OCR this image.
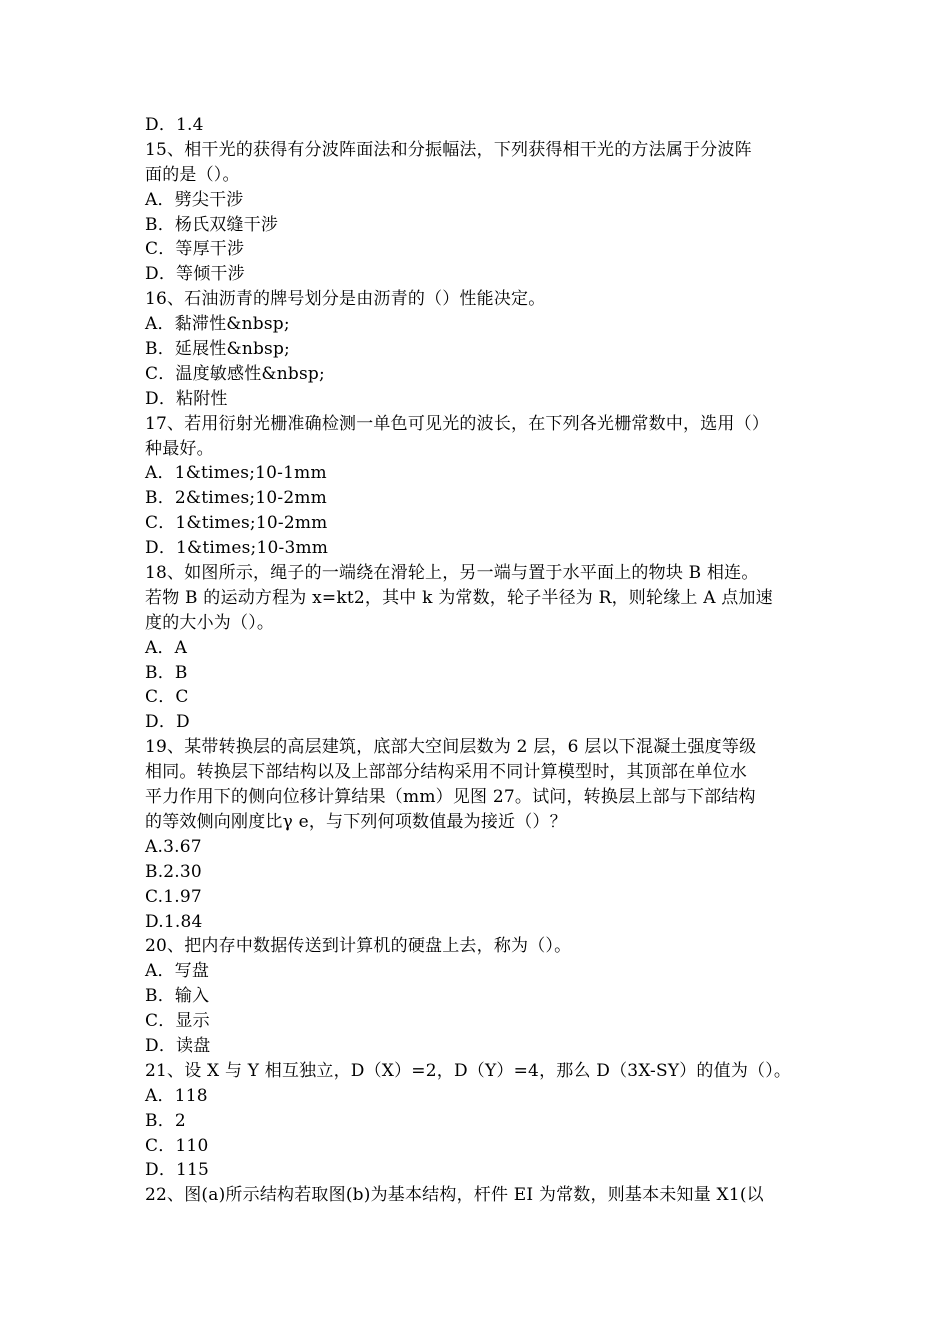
D．1.4
15、相干光的获得有分波阵面法和分振幅法，下列获得相干光的方法属于分波阵
面的是（）。
A．劈尖干涉
B．杨氏双缝干涉
C．等厚干涉
D．等倾干涉
16、石油沥青的牌号划分是由沥青的（）性能决定。
A．黏滞性&nbsp;
B．延展性&nbsp;
C．温度敏感性&nbsp;
D．粘附性
17、若用衍射光栅准确检测一单色可见光的波长，在下列各光栅常数中，选用（）
种最好。
A．1&times;10-1mm
B．2&times;10-2mm
C．1&times;10-2mm
D．1&times;10-3mm
18、如图所示，绳子的一端绕在滑轮上，另一端与置于水平面上的物块 B 相连。
若物 B 的运动方程为 x=kt2，其中 k 为常数，轮子半径为 R，则轮缘上 A 点加速
度的大小为（）。
A．A
B．B
C．C
D．D
19、某带转换层的高层建筑，底部大空间层数为 2 层，6 层以下混凝土强度等级
相同。转换层下部结构以及上部部分结构采用不同计算模型时，其顶部在单位水
平力作用下的侧向位移计算结果（mm）见图 27。试问，转换层上部与下部结构
的等效侧向刚度比γ e，与下列何项数值最为接近（）？
A.3.67
B.2.30
C.1.97
D.1.84
20、把内存中数据传送到计算机的硬盘上去，称为（）。
A．写盘
B．输入
C．显示
D．读盘
21、设 X 与 Y 相互独立，D（X）=2，D（Y）=4，那么 D（3X-SY）的值为（）。
A．118
B．2
C．110
D．115
22、图(a)所示结构若取图(b)为基本结构，杆件 EI 为常数，则基本未知量 X1(以
